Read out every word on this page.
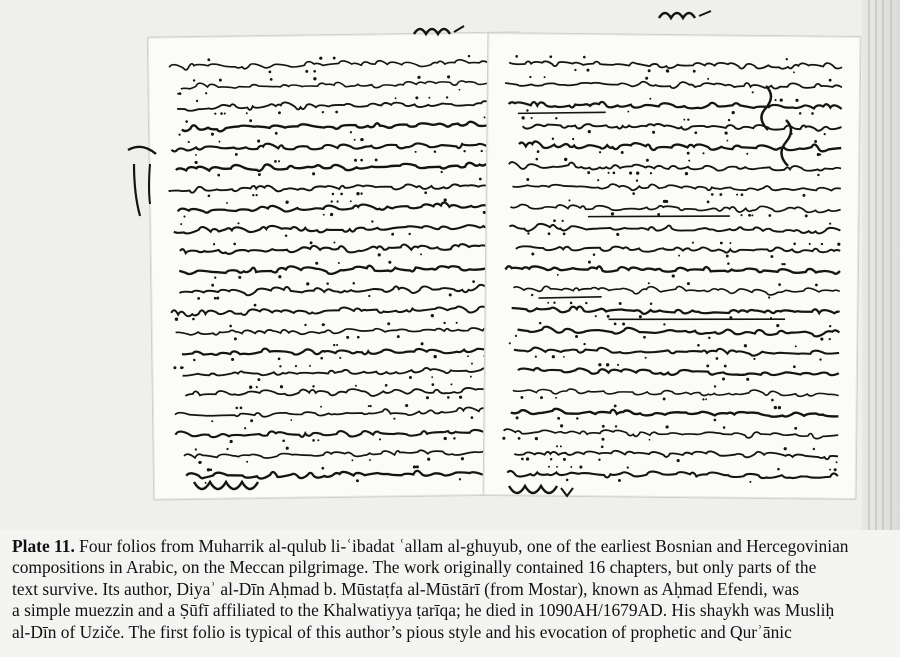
Plate 11. Four folios from Muharrik al-qulub li-ʿibadat ʿallam al-ghuyub, one of the earliest Bosnian and Hercegovinian
compositions in Arabic, on the Meccan pilgrimage. The work originally contained 16 chapters, but only parts of the
text survive. Its author, Diyaʾ al-Dīn Aḥmad b. Mūstaṭfa al-Mūstārī (from Mostar), known as Aḥmad Efendi, was
a simple muezzin and a Ṣūfī affiliated to the Khalwatiyya ṭarīqa; he died in 1090AH/1679AD. His shaykh was Musliḥ
al-Dīn of Uziče. The first folio is typical of this author’s pious style and his evocation of prophetic and Qurʾānic
